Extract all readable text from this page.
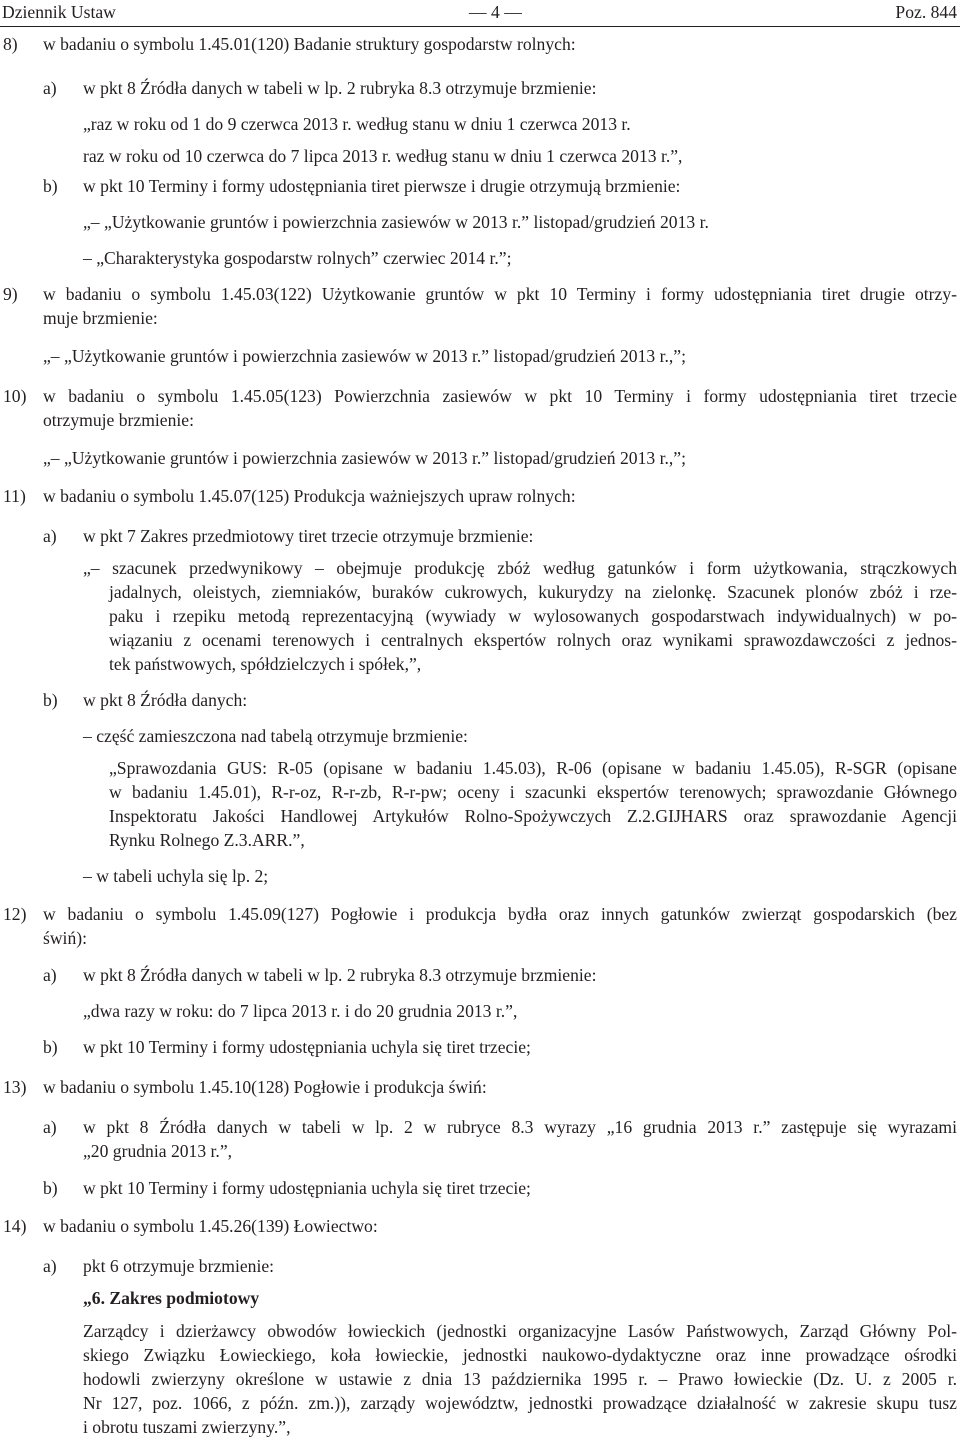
Dziennik Ustaw	— 4 —	Poz. 844
8) w badaniu o symbolu 1.45.01(120) Badanie struktury gospodarstw rolnych:
a) w pkt 8 Źródła danych w tabeli w lp. 2 rubryka 8.3 otrzymuje brzmienie:
„raz w roku od 1 do 9 czerwca 2013 r. według stanu w dniu 1 czerwca 2013 r.
raz w roku od 10 czerwca do 7 lipca 2013 r. według stanu w dniu 1 czerwca 2013 r.”,
b) w pkt 10 Terminy i formy udostępniania tiret pierwsze i drugie otrzymują brzmienie:
„– „Użytkowanie gruntów i powierzchnia zasiewów w 2013 r.” listopad/grudzień 2013 r.
– „Charakterystyka gospodarstw rolnych” czerwiec 2014 r.”;
9) w badaniu o symbolu 1.45.03(122) Użytkowanie gruntów w pkt 10 Terminy i formy udostępniania tiret drugie otrzy-
muje brzmienie:
„– „Użytkowanie gruntów i powierzchnia zasiewów w 2013 r.” listopad/grudzień 2013 r.,”;
10) w badaniu o symbolu 1.45.05(123) Powierzchnia zasiewów w pkt 10 Terminy i formy udostępniania tiret trzecie
otrzymuje brzmienie:
„– „Użytkowanie gruntów i powierzchnia zasiewów w 2013 r.” listopad/grudzień 2013 r.,”;
11) w badaniu o symbolu 1.45.07(125) Produkcja ważniejszych upraw rolnych:
a) w pkt 7 Zakres przedmiotowy tiret trzecie otrzymuje brzmienie:
„– szacunek przedwynikowy – obejmuje produkcję zbóż według gatunków i form użytkowania, strączkowych
jadalnych, oleistych, ziemniaków, buraków cukrowych, kukurydzy na zielonkę. Szacunek plonów zbóż i rze-
paku i rzepiku metodą reprezentacyjną (wywiady w wylosowanych gospodarstwach indywidualnych) w po-
wiązaniu z ocenami terenowych i centralnych ekspertów rolnych oraz wynikami sprawozdawczości z jednos-
tek państwowych, spółdzielczych i spółek,”,
b) w pkt 8 Źródła danych:
– część zamieszczona nad tabelą otrzymuje brzmienie:
„Sprawozdania GUS: R-05 (opisane w badaniu 1.45.03), R-06 (opisane w badaniu 1.45.05), R-SGR (opisane
w badaniu 1.45.01), R-r-oz, R-r-zb, R-r-pw; oceny i szacunki ekspertów terenowych; sprawozdanie Głównego
Inspektoratu Jakości Handlowej Artykułów Rolno-Spożywczych Z.2.GIJHARS oraz sprawozdanie Agencji
Rynku Rolnego Z.3.ARR.”,
– w tabeli uchyla się lp. 2;
12) w badaniu o symbolu 1.45.09(127) Pogłowie i produkcja bydła oraz innych gatunków zwierząt gospodarskich (bez
świń):
a) w pkt 8 Źródła danych w tabeli w lp. 2 rubryka 8.3 otrzymuje brzmienie:
„dwa razy w roku: do 7 lipca 2013 r. i do 20 grudnia 2013 r.”,
b) w pkt 10 Terminy i formy udostępniania uchyla się tiret trzecie;
13) w badaniu o symbolu 1.45.10(128) Pogłowie i produkcja świń:
a) w pkt 8 Źródła danych w tabeli w lp. 2 w rubryce 8.3 wyrazy „16 grudnia 2013 r.” zastępuje się wyrazami
„20 grudnia 2013 r.”,
b) w pkt 10 Terminy i formy udostępniania uchyla się tiret trzecie;
14) w badaniu o symbolu 1.45.26(139) Łowiectwo:
a) pkt 6 otrzymuje brzmienie:
„6. Zakres podmiotowy
Zarządcy i dzierżawcy obwodów łowieckich (jednostki organizacyjne Lasów Państwowych, Zarząd Główny Pol-
skiego Związku Łowieckiego, koła łowieckie, jednostki naukowo-dydaktyczne oraz inne prowadzące ośrodki
hodowli zwierzyny określone w ustawie z dnia 13 października 1995 r. – Prawo łowieckie (Dz. U. z 2005 r.
Nr 127, poz. 1066, z późn. zm.)), zarządy województw, jednostki prowadzące działalność w zakresie skupu tusz
i obrotu tuszami zwierzyny.”,
